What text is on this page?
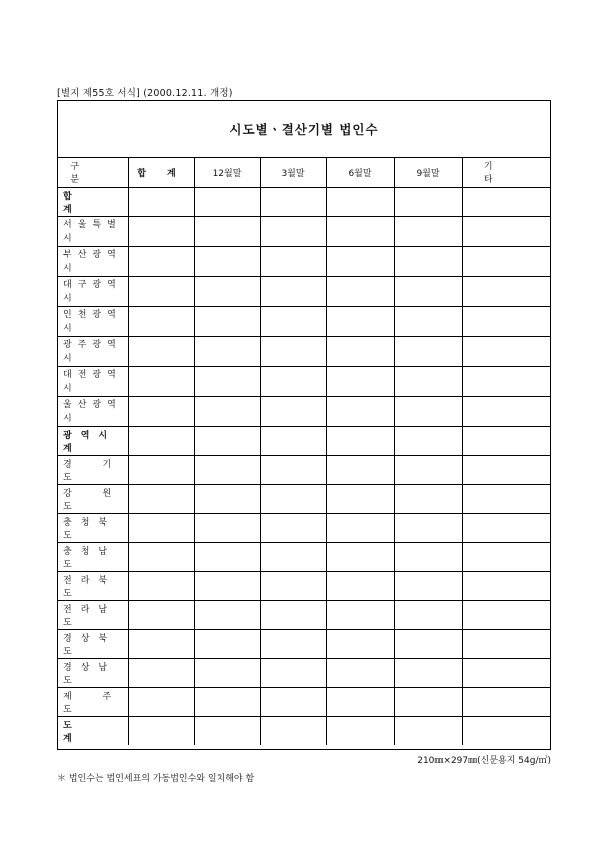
[별지 제55호 서식] (2000.12.11. 개정)
시도별ㆍ결산기별 법인수
구 분	합 계	12월말	3월말	6월말	9월말	기 타
합 계						

서울특별시						

부산광역시						

대구광역시						

인천광역시						

광주광역시						

대전광역시						

울산광역시						

광역시계						
경 기 도						
강 원 도						
충청북도						
충청남도						
전라북도						
전라남도						
경상북도						
경상남도						
제 주 도						
도 계						
210㎜×297㎜(신문용지 54g/㎡)
＊ 법인수는 법인세표의 가동법인수와 일치해야 함
